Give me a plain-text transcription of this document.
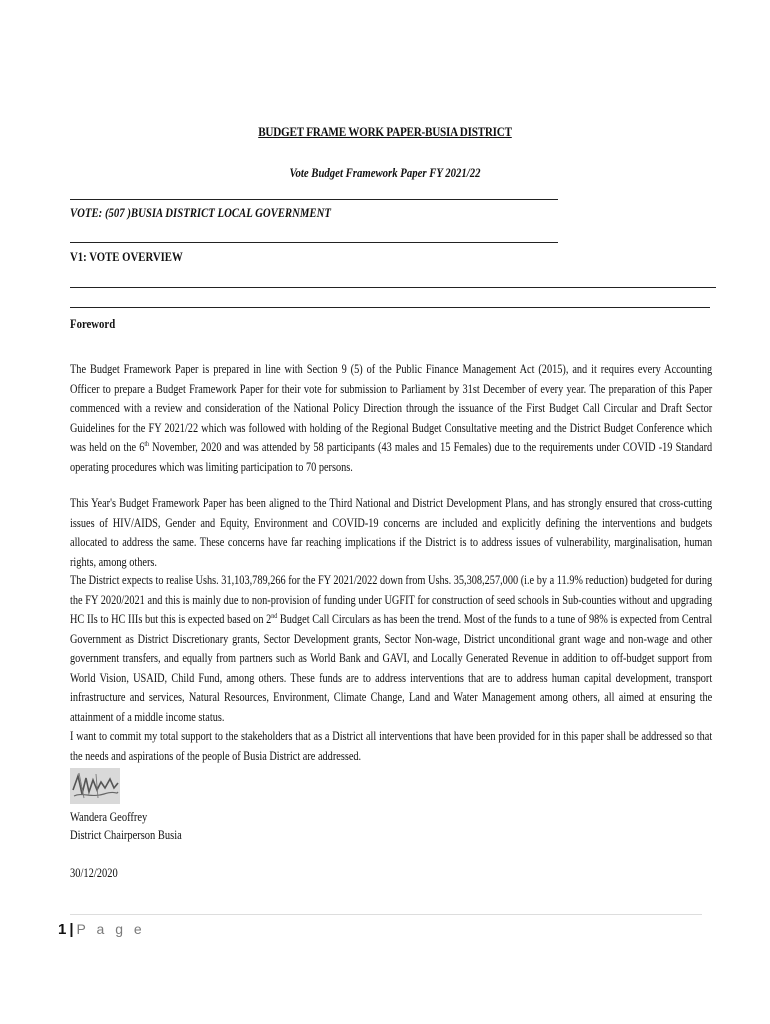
BUDGET FRAME WORK PAPER-BUSIA DISTRICT
Vote Budget Framework Paper FY 2021/22
VOTE: (507 )BUSIA DISTRICT LOCAL GOVERNMENT
V1: VOTE OVERVIEW
Foreword
The Budget Framework Paper is prepared in line with Section 9 (5) of the Public Finance Management Act (2015), and it requires every Accounting Officer to prepare a Budget Framework Paper for their vote for submission to Parliament by 31st December of every year. The preparation of this Paper commenced with a review and consideration of the National Policy Direction through the issuance of the First Budget Call Circular and Draft Sector Guidelines for the FY 2021/22 which was followed with holding of the Regional Budget Consultative meeting and the District Budget Conference which was held on the 6th November, 2020 and was attended by 58 participants (43 males and 15 Females) due to the requirements under COVID -19 Standard operating procedures which was limiting participation to 70 persons.
This Year's Budget Framework Paper has been aligned to the Third National and District Development Plans, and has strongly ensured that cross-cutting issues of HIV/AIDS, Gender and Equity, Environment and COVID-19 concerns are included and explicitly defining the interventions and budgets allocated to address the same. These concerns have far reaching implications if the District is to address issues of vulnerability, marginalisation, human rights, among others.
The District expects to realise Ushs. 31,103,789,266 for the FY 2021/2022 down from Ushs. 35,308,257,000 (i.e by a 11.9% reduction) budgeted for during the FY 2020/2021 and this is mainly due to non-provision of funding under UGFIT for construction of seed schools in Sub-counties without and upgrading HC IIs to HC IIIs but this is expected based on 2nd Budget Call Circulars as has been the trend. Most of the funds to a tune of 98% is expected from Central Government as District Discretionary grants, Sector Development grants, Sector Non-wage, District unconditional grant wage and non-wage and other government transfers, and equally from partners such as World Bank and GAVI, and Locally Generated Revenue in addition to off-budget support from World Vision, USAID, Child Fund, among others. These funds are to address interventions that are to address human capital development, transport infrastructure and services, Natural Resources, Environment, Climate Change, Land and Water Management among others, all aimed at ensuring the attainment of a middle income status.
I want to commit my total support to the stakeholders that as a District all interventions that have been provided for in this paper shall be addressed so that the needs and aspirations of the people of Busia District are addressed.
Wandera Geoffrey
District Chairperson Busia
30/12/2020
1 | P a g e
